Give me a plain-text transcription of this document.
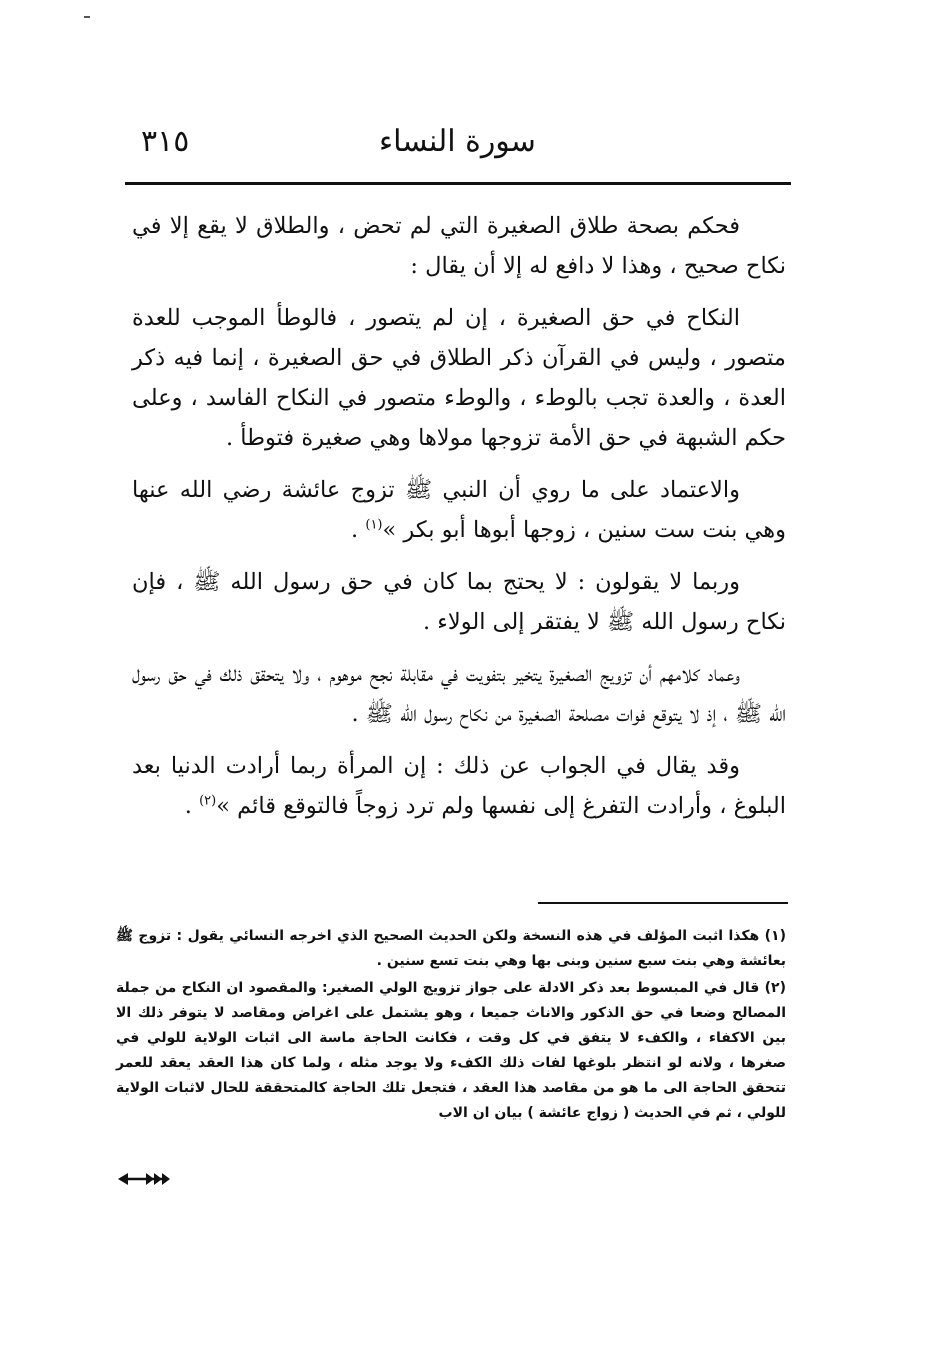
سورة النساء
٣١٥

فحكم بصحة طلاق الصغيرة التي لم تحض ، والطلاق لا يقع إلا في نكاح صحيح ، وهذا لا دافع له إلا أن يقال :

النكاح في حق الصغيرة ، إن لم يتصور ، فالوطأ الموجب للعدة متصور ، وليس في القرآن ذكر الطلاق في حق الصغيرة ، إنما فيه ذكر العدة ، والعدة تجب بالوطء ، والوطء متصور في النكاح الفاسد ، وعلى حكم الشبهة في حق الأمة تزوجها مولاها وهي صغيرة فتوطأ .

والاعتماد على ما روي أن النبي ﷺ تزوج عائشة رضي الله عنها وهي بنت ست سنين ، زوجها أبوها أبو بكر »$^{(١)}$ .

وربما لا يقولون : لا يحتج بما كان في حق رسول الله ﷺ ، فإن نكاح رسول الله ﷺ لا يفتقر إلى الولاء .

وعماد كلامهم أن تزويج الصغيرة يتخير بتفويت في مقابلة نجح موهوم ، ولا يتحقق ذلك في حق رسول الله ﷺ ، إذ لا يتوقع فوات مصلحة الصغيرة من نكاح رسول الله ﷺ .

وقد يقال في الجواب عن ذلك : إن المرأة ربما أرادت الدنيا بعد البلوغ ، وأرادت التفرغ إلى نفسها ولم ترد زوجاً فالتوقع قائم »$^{(٢)}$ .

(١) هكذا اثبت المؤلف في هذه النسخة ولكن الحديث الصحيح الذي اخرجه النسائي يقول : تزوج ﷺ بعائشة وهي بنت سبع سنين وبنى بها وهي بنت تسع سنين .

(٢) قال في المبسوط بعد ذكر الادلة على جواز تزويج الولي الصغير: والمقصود ان النكاح من جملة المصالح وضعا في حق الذكور والاناث جميعا ، وهو يشتمل على اغراض ومقاصد لا يتوفر ذلك الا بين الاكفاء ، والكفء لا يتفق في كل وقت ، فكانت الحاجة ماسة الى اثبات الولاية للولي في صغرها ، ولانه لو انتظر بلوغها لفات ذلك الكفء ولا يوجد مثله ، ولما كان هذا العقد يعقد للعمر تتحقق الحاجة الى ما هو من مقاصد هذا العقد ، فتجعل تلك الحاجة كالمتحققة للحال لاثبات الولاية للولي ، ثم في الحديث ( زواج عائشة ) بيان ان الاب
